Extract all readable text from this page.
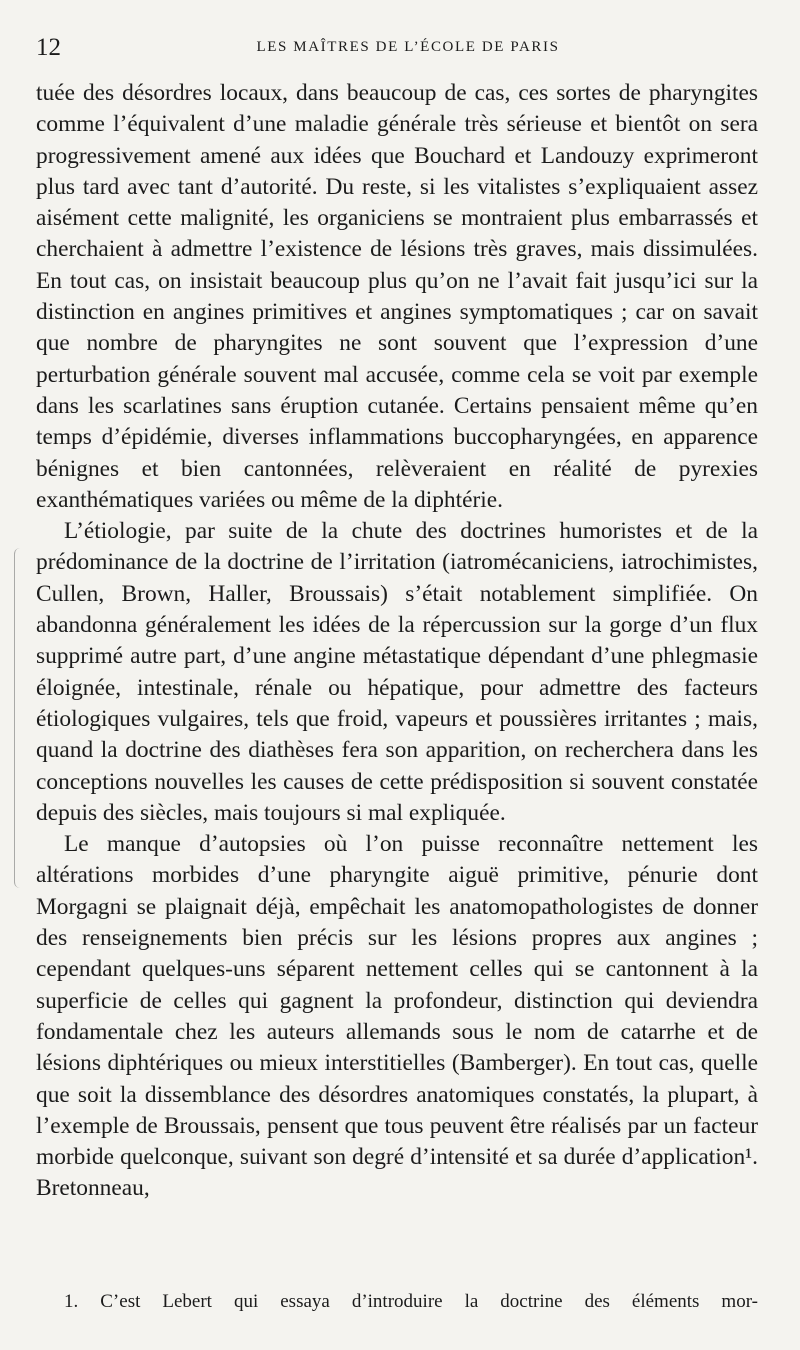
12	LES MAÎTRES DE L’ÉCOLE DE PARIS

tuée des désordres locaux, dans beaucoup de cas, ces sortes de pharyngites comme l’équivalent d’une maladie générale très sérieuse et bientôt on sera progressivement amené aux idées que Bouchard et Landouzy exprimeront plus tard avec tant d’autorité. Du reste, si les vitalistes s’expliquaient assez aisément cette malignité, les organiciens se montraient plus embarrassés et cherchaient à admettre l’existence de lésions très graves, mais dissimulées. En tout cas, on insistait beaucoup plus qu’on ne l’avait fait jusqu’ici sur la distinction en angines primitives et angines symptomatiques ; car on savait que nombre de pharyngites ne sont souvent que l’expression d’une perturbation générale souvent mal accusée, comme cela se voit par exemple dans les scarlatines sans éruption cutanée. Certains pensaient même qu’en temps d’épidémie, diverses inflammations buccopharyngées, en apparence bénignes et bien cantonnées, relèveraient en réalité de pyrexies exanthématiques variées ou même de la diphtérie.

L’étiologie, par suite de la chute des doctrines humoristes et de la prédominance de la doctrine de l’irritation (iatromécaniciens, iatrochimistes, Cullen, Brown, Haller, Broussais) s’était notablement simplifiée. On abandonna généralement les idées de la répercussion sur la gorge d’un flux supprimé autre part, d’une angine métastatique dépendant d’une phlegmasie éloignée, intestinale, rénale ou hépatique, pour admettre des facteurs étiologiques vulgaires, tels que froid, vapeurs et poussières irritantes ; mais, quand la doctrine des diathèses fera son apparition, on recherchera dans les conceptions nouvelles les causes de cette prédisposition si souvent constatée depuis des siècles, mais toujours si mal expliquée.

Le manque d’autopsies où l’on puisse reconnaître nettement les altérations morbides d’une pharyngite aiguë primitive, pénurie dont Morgagni se plaignait déjà, empêchait les anatomopathologistes de donner des renseignements bien précis sur les lésions propres aux angines ; cependant quelques-uns séparent nettement celles qui se cantonnent à la superficie de celles qui gagnent la profondeur, distinction qui deviendra fondamentale chez les auteurs allemands sous le nom de catarrhe et de lésions diphtériques ou mieux interstitielles (Bamberger). En tout cas, quelle que soit la dissemblance des désordres anatomiques constatés, la plupart, à l’exemple de Broussais, pensent que tous peuvent être réalisés par un facteur morbide quelconque, suivant son degré d’intensité et sa durée d’application¹. Bretonneau,

1. C’est Lebert qui essaya d’introduire la doctrine des éléments mor-
